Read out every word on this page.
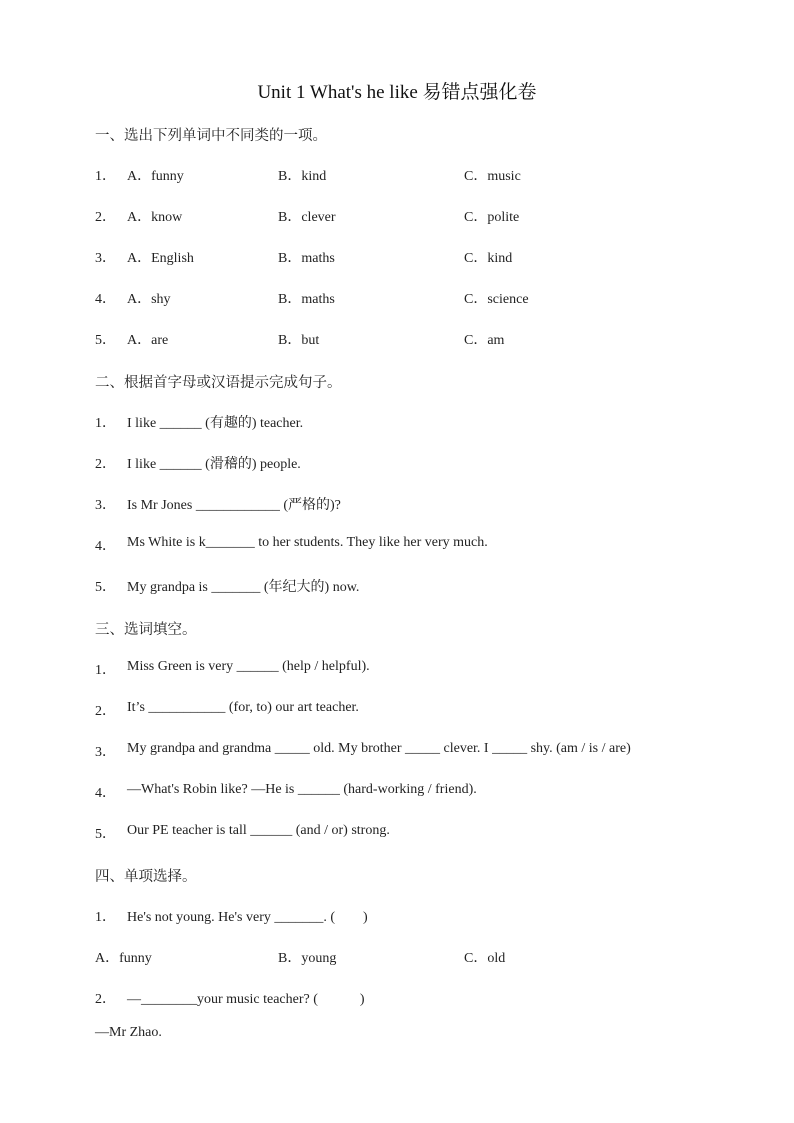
Unit 1 What's he like 易错点强化卷
一、选出下列单词中不同类的一项。
1． A．funny	B．kind	C．music
2． A．know	B．clever	C．polite
3． A．English	B．maths	C．kind
4． A．shy	B．maths	C．science
5． A．are	B．but	C．am
二、根据首字母或汉语提示完成句子。
1． I like ______ (有趣的) teacher.
2． I like ______ (滑稽的) people.
3． Is Mr Jones ____________ (严格的)?
4． Ms White is k_______ to her students. They like her very much.
5． My grandpa is _______ (年纪大的) now.
三、选词填空。
1． Miss Green is very ______ (help / helpful).
2． It’s ___________ (for, to) our art teacher.
3． My grandpa and grandma _____ old. My brother _____ clever. I _____ shy. (am / is / are)
4． —What's Robin like? —He is ______ (hard-working / friend).
5． Our PE teacher is tall ______ (and / or) strong.
四、单项选择。
1． He's not young. He's very _______. (　　)
A．funny	B．young	C．old
2． —________your music teacher? (　　　)
—Mr Zhao.
